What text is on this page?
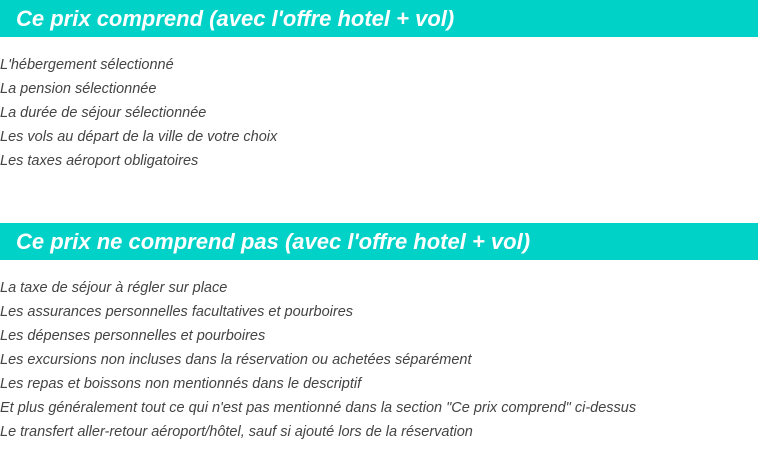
Ce prix comprend (avec l'offre hotel + vol)
L'hébergement sélectionné
La pension sélectionnée
La durée de séjour sélectionnée
Les vols au départ de la ville de votre choix
Les taxes aéroport obligatoires
Ce prix ne comprend pas (avec l'offre hotel + vol)
La taxe de séjour à régler sur place
Les assurances personnelles facultatives et pourboires
Les dépenses personnelles et pourboires
Les excursions non incluses dans la réservation ou achetées séparément
Les repas et boissons non mentionnés dans le descriptif
Et plus généralement tout ce qui n'est pas mentionné dans la section "Ce prix comprend" ci-dessus
Le transfert aller-retour aéroport/hôtel, sauf si ajouté lors de la réservation
